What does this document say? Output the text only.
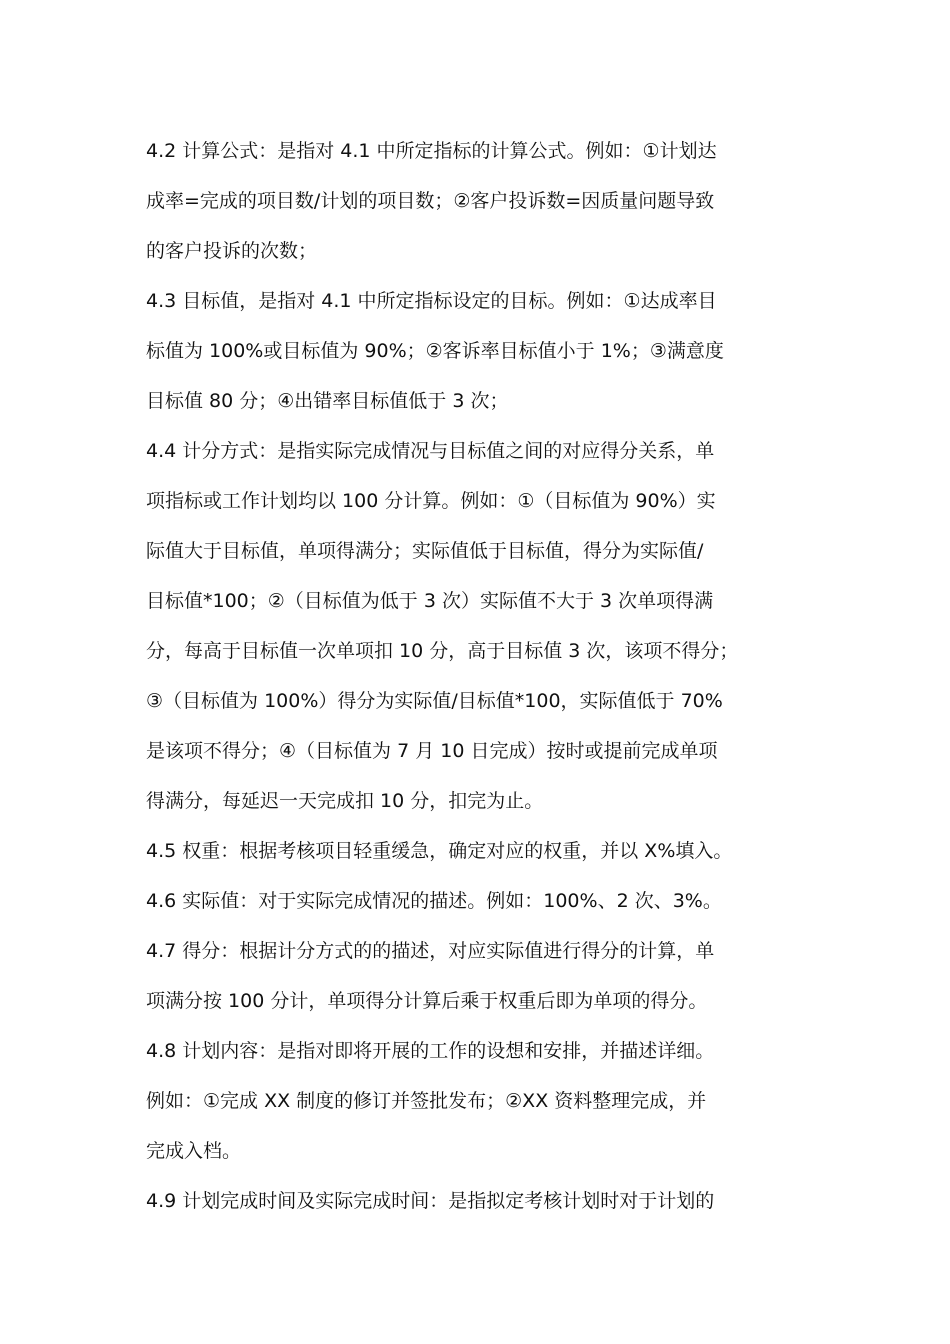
4.2 计算公式：是指对 4.1 中所定指标的计算公式。例如：①计划达
成率=完成的项目数/计划的项目数；②客户投诉数=因质量问题导致
的客户投诉的次数；
4.3 目标值，是指对 4.1 中所定指标设定的目标。例如：①达成率目
标值为 100%或目标值为 90%；②客诉率目标值小于 1%；③满意度
目标值 80 分；④出错率目标值低于 3 次；
4.4 计分方式：是指实际完成情况与目标值之间的对应得分关系，单
项指标或工作计划均以 100 分计算。例如：①（目标值为 90%）实
际值大于目标值，单项得满分；实际值低于目标值，得分为实际值/
目标值*100；②（目标值为低于 3 次）实际值不大于 3 次单项得满
分，每高于目标值一次单项扣 10 分，高于目标值 3 次，该项不得分；
③（目标值为 100%）得分为实际值/目标值*100，实际值低于 70%
是该项不得分；④（目标值为 7 月 10 日完成）按时或提前完成单项
得满分，每延迟一天完成扣 10 分，扣完为止。
4.5 权重：根据考核项目轻重缓急，确定对应的权重，并以 X%填入。
4.6 实际值：对于实际完成情况的描述。例如：100%、2 次、3%。
4.7 得分：根据计分方式的的描述，对应实际值进行得分的计算，单
项满分按 100 分计，单项得分计算后乘于权重后即为单项的得分。
4.8 计划内容：是指对即将开展的工作的设想和安排，并描述详细。
例如：①完成 XX 制度的修订并签批发布；②XX 资料整理完成，并
完成入档。
4.9 计划完成时间及实际完成时间：是指拟定考核计划时对于计划的
